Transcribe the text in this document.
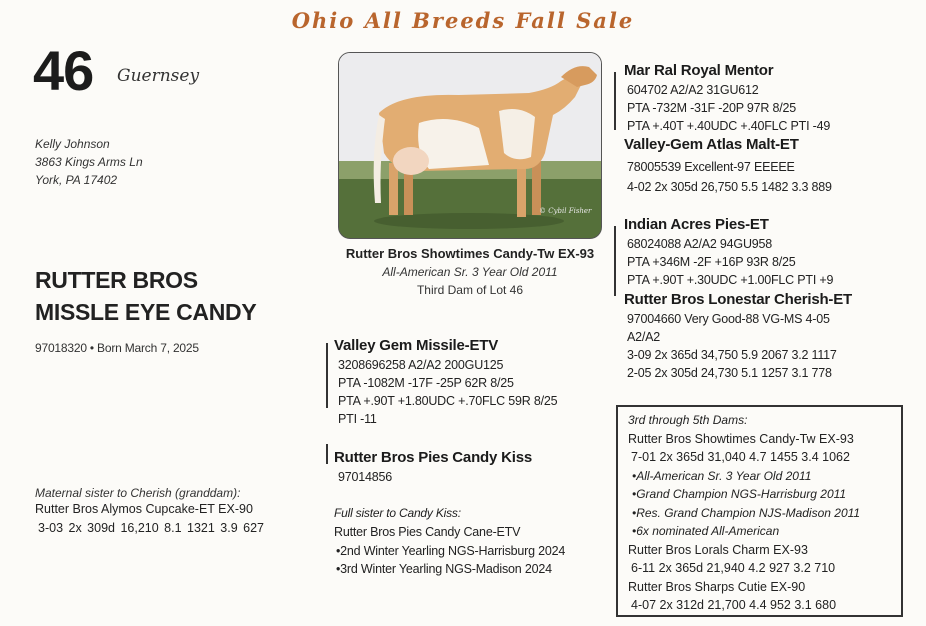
Ohio All Breeds Fall Sale
46 Guernsey
Kelly Johnson
3863 Kings Arms Ln
York, PA 17402
RUTTER BROS
MISSLE EYE CANDY
97018320 • Born March 7, 2025
Maternal sister to Cherish (granddam):
Rutter Bros Alymos Cupcake-ET EX-90
3-03 2x 309d 16,210 8.1 1321 3.9 627
© Cybil Fisher
Rutter Bros Showtimes Candy-Tw EX-93
All-American Sr. 3 Year Old 2011
Third Dam of Lot 46
Valley Gem Missile-ETV
3208696258 A2/A2 200GU125
PTA -1082M -17F -25P 62R 8/25
PTA +.90T +1.80UDC +.70FLC 59R 8/25
PTI -11
Rutter Bros Pies Candy Kiss
97014856
Full sister to Candy Kiss:
Rutter Bros Pies Candy Cane-ETV
•2nd Winter Yearling NGS-Harrisburg 2024
•3rd Winter Yearling NGS-Madison 2024
Mar Ral Royal Mentor
604702 A2/A2 31GU612
PTA -732M -31F -20P 97R 8/25
PTA +.40T +.40UDC +.40FLC PTI -49
Valley-Gem Atlas Malt-ET
78005539 Excellent-97 EEEEE
4-02 2x 305d 26,750 5.5 1482 3.3 889
Indian Acres Pies-ET
68024088 A2/A2 94GU958
PTA +346M -2F +16P 93R 8/25
PTA +.90T +.30UDC +1.00FLC PTI +9
Rutter Bros Lonestar Cherish-ET
97004660 Very Good-88 VG-MS 4-05
A2/A2
3-09 2x 365d 34,750 5.9 2067 3.2 1117
2-05 2x 305d 24,730 5.1 1257 3.1 778
3rd through 5th Dams:
Rutter Bros Showtimes Candy-Tw EX-93
7-01 2x 365d 31,040 4.7 1455 3.4 1062
•All-American Sr. 3 Year Old 2011
•Grand Champion NGS-Harrisburg 2011
•Res. Grand Champion NJS-Madison 2011
•6x nominated All-American
Rutter Bros Lorals Charm EX-93
6-11 2x 365d 21,940 4.2 927 3.2 710
Rutter Bros Sharps Cutie EX-90
4-07 2x 312d 21,700 4.4 952 3.1 680
